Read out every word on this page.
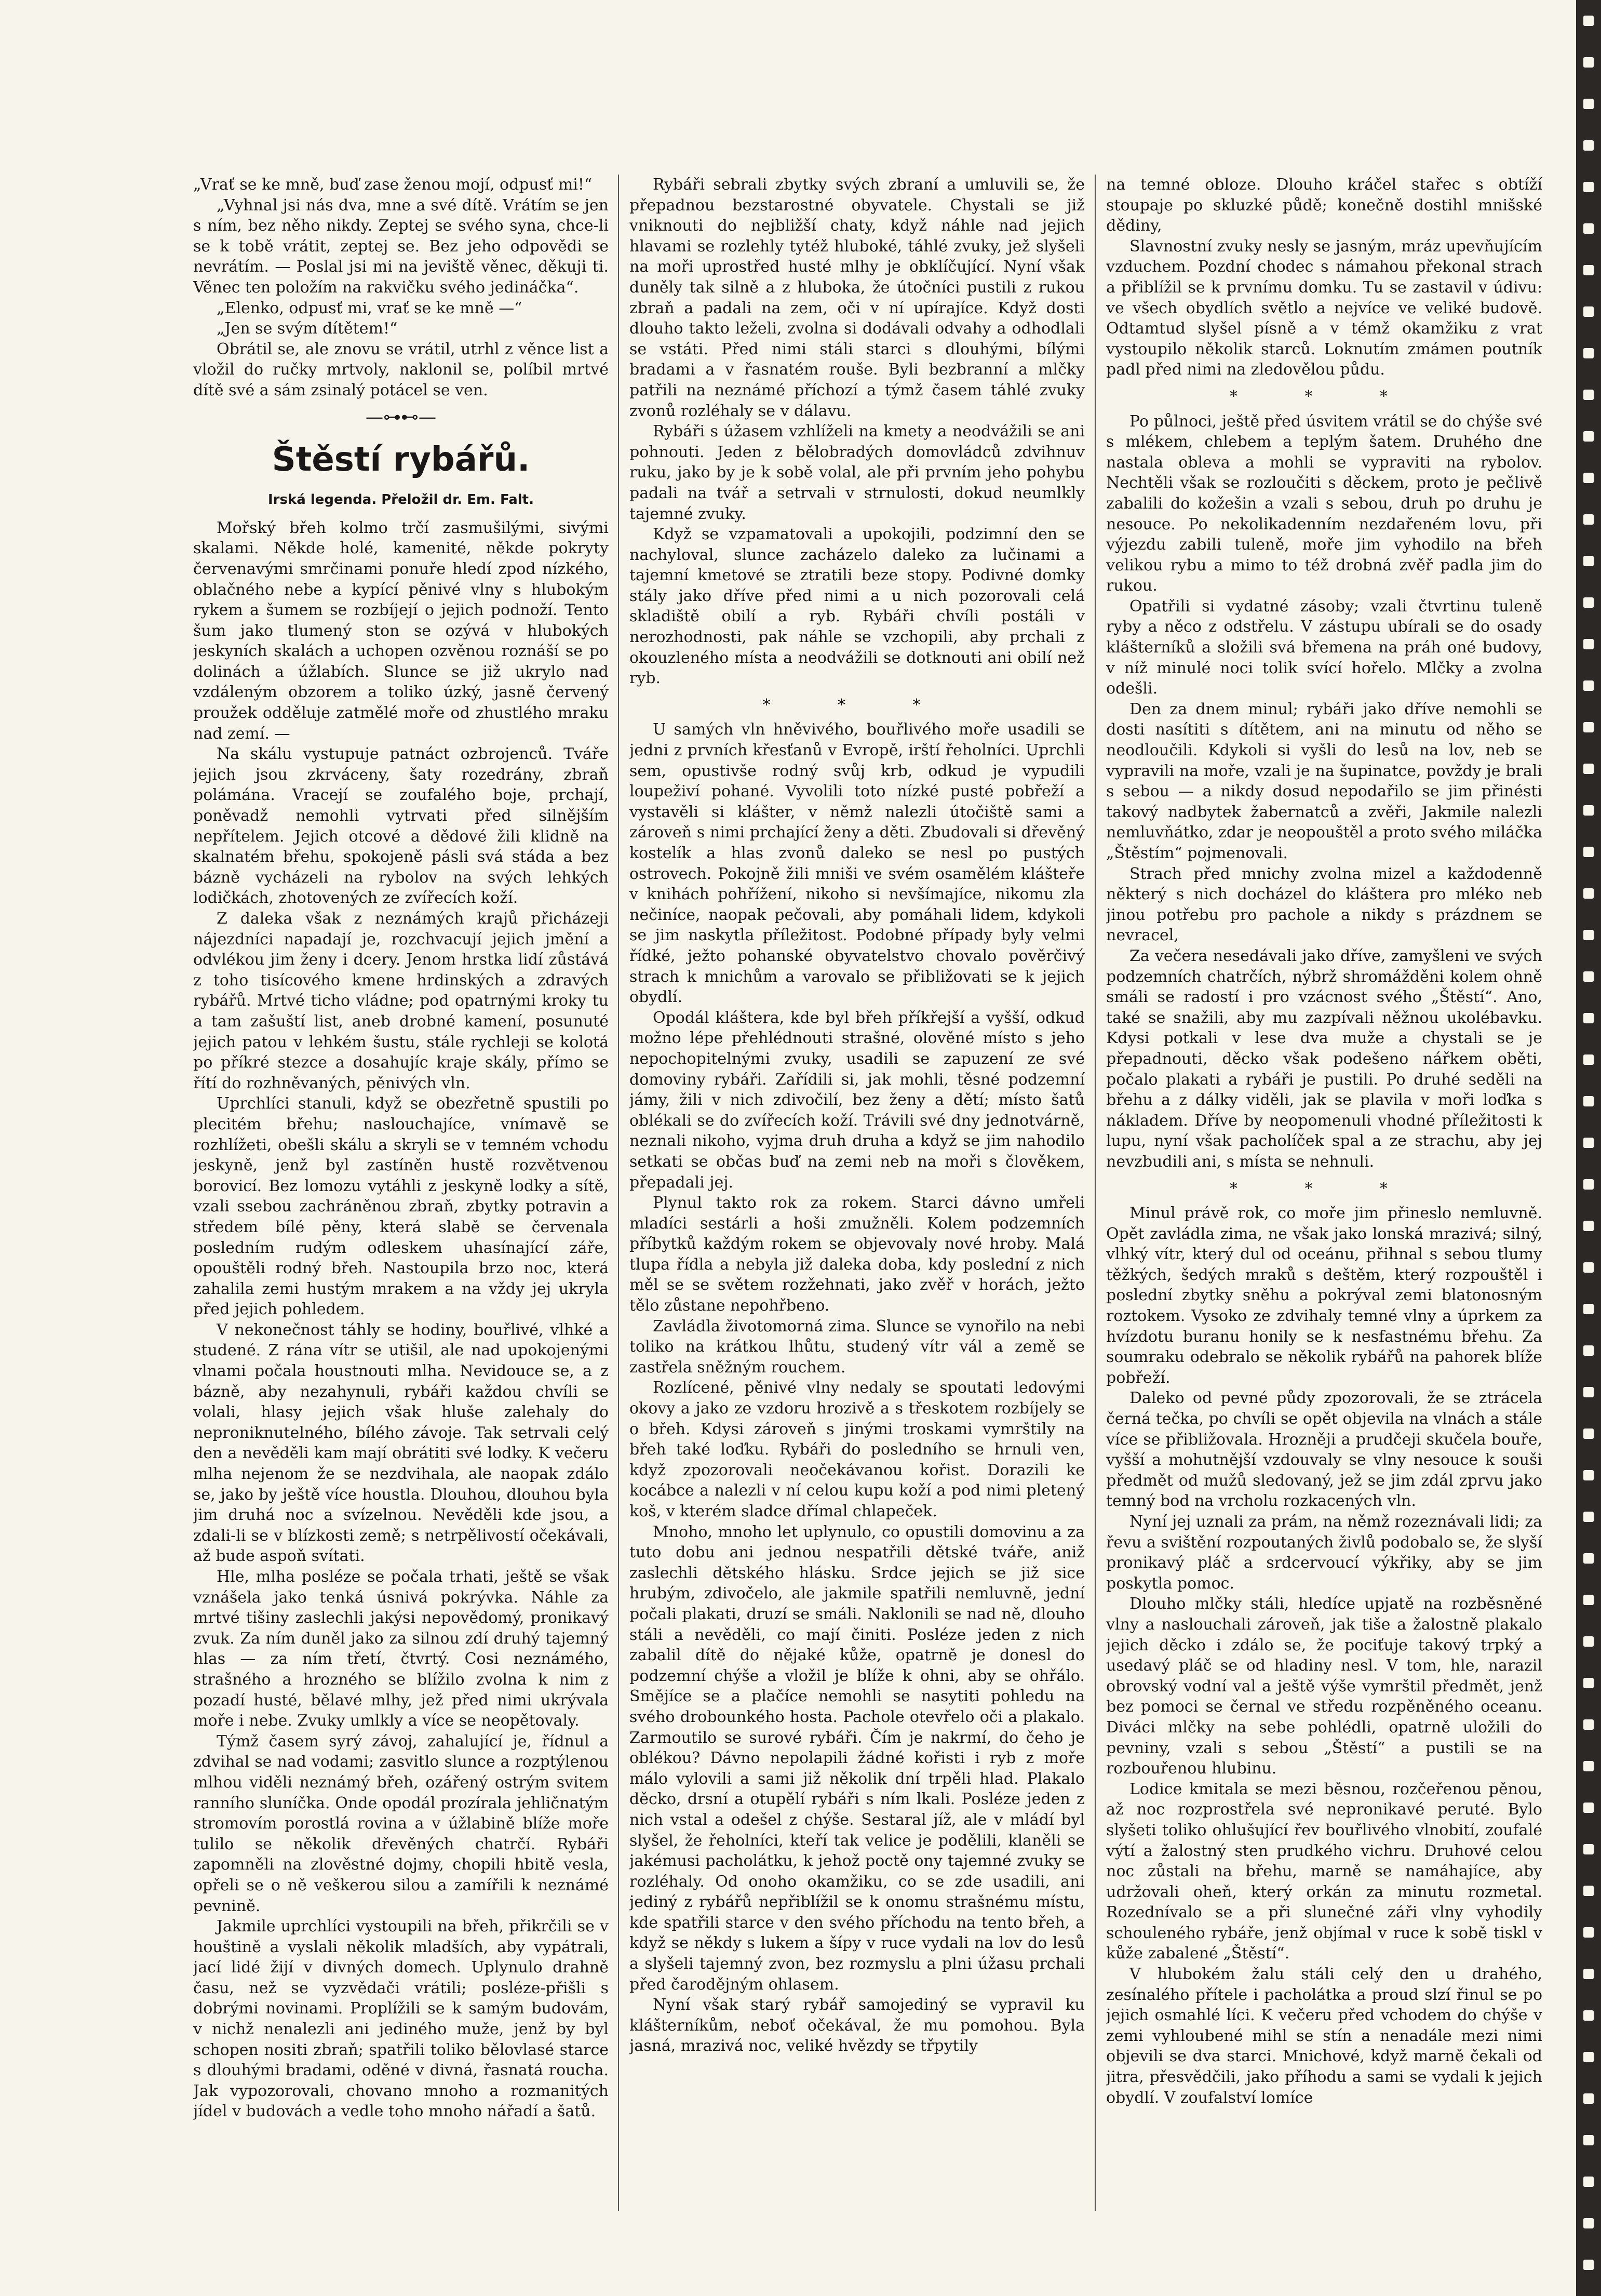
„Vrať se ke mně, buď zase ženou mojí, odpusť mi!“

„Vyhnal jsi nás dva, mne a své dítě. Vrátím se jen s ním, bez něho nikdy. Zeptej se svého syna, chce-li se k tobě vrátit, zeptej se. Bez jeho odpovědi se nevrátím. — Poslal jsi mi na jeviště věnec, děkuji ti. Věnec ten položím na rakvičku svého jedináčka“.

„Elenko, odpusť mi, vrať se ke mně —“

„Jen se svým dítětem!“

Obrátil se, ale znovu se vrátil, utrhl z věnce list a vložil do ručky mrtvoly, naklonil se, políbil mrtvé dítě své a sám zsinalý potácel se ven.

—⊶⊷—
Štěstí rybářů.
Irská legenda. Přeložil dr. Em. Falt.

Mořský břeh kolmo trčí zasmušilými, sivými skalami. Někde holé, kamenité, někde pokryty červenavými smrčinami ponuře hledí zpod nízkého, oblačného nebe a kypící pěnivé vlny s hlubokým rykem a šumem se rozbíjejí o jejich podnoží. Tento šum jako tlumený ston se ozývá v hlubokých jeskyních skalách a uchopen ozvěnou roznáší se po dolinách a úžlabích. Slunce se již ukrylo nad vzdáleným obzorem a toliko úzký, jasně červený proužek odděluje zatmělé moře od zhustlého mraku nad zemí. —

Na skálu vystupuje patnáct ozbrojenců. Tváře jejich jsou zkrváceny, šaty rozedrány, zbraň polámána. Vracejí se zoufalého boje, prchají, poněvadž nemohli vytrvati před silnějším nepřítelem. Jejich otcové a dědové žili klidně na skalnatém břehu, spokojeně pásli svá stáda a bez bázně vycházeli na rybolov na svých lehkých lodičkách, zhotovených ze zvířecích koží.

Z daleka však z neznámých krajů přicházeji nájezdníci napadají je, rozchvacují jejich jmění a odvlékou jim ženy i dcery. Jenom hrstka lidí zůstává z toho tisícového kmene hrdinských a zdravých rybářů. Mrtvé ticho vládne; pod opatrnými kroky tu a tam zašuští list, aneb drobné kamení, posunuté jejich patou v lehkém šustu, stále rychleji se kolotá po příkré stezce a dosahujíc kraje skály, přímo se řítí do rozhněvaných, pěnivých vln.

Uprchlíci stanuli, když se obezřetně spustili po plecitém břehu; naslouchajíce, vnímavě se rozhlížeti, obešli skálu a skryli se v temném vchodu jeskyně, jenž byl zastíněn hustě rozvětvenou borovicí. Bez lomozu vytáhli z jeskyně lodky a sítě, vzali ssebou zachráněnou zbraň, zbytky potravin a středem bílé pěny, která slabě se červenala posledním rudým odleskem uhasínající záře, opouštěli rodný břeh. Nastoupila brzo noc, která zahalila zemi hustým mrakem a na vždy jej ukryla před jejich pohledem.

V nekonečnost táhly se hodiny, bouřlivé, vlhké a studené. Z rána vítr se utišil, ale nad upokojenými vlnami počala houstnouti mlha. Nevidouce se, a z bázně, aby nezahynuli, rybáři každou chvíli se volali, hlasy jejich však hluše zalehaly do neproniknutelného, bílého závoje. Tak setrvali celý den a nevěděli kam mají obrátiti své lodky. K večeru mlha nejenom že se nezdvihala, ale naopak zdálo se, jako by ještě více houstla. Dlouhou, dlouhou byla jim druhá noc a svízelnou. Nevěděli kde jsou, a zdali-li se v blízkosti země; s netrpělivostí očekávali, až bude aspoň svítati.

Hle, mlha posléze se počala trhati, ještě se však vznášela jako tenká úsnivá pokrývka. Náhle za mrtvé tišiny zaslechli jakýsi nepovědomý, pronikavý zvuk. Za ním duněl jako za silnou zdí druhý tajemný hlas — za ním třetí, čtvrtý. Cosi neznámého, strašného a hrozného se blížilo zvolna k nim z pozadí husté, bělavé mlhy, jež před nimi ukrývala moře i nebe. Zvuky umlkly a více se neopětovaly.

Týmž časem syrý závoj, zahalující je, řídnul a zdvihal se nad vodami; zasvitlo slunce a rozptýlenou mlhou viděli neznámý břeh, ozářený ostrým svitem ranního sluníčka. Onde opodál prozírala jehličnatým stromovím porostlá rovina a v úžlabině blíže moře tulilo se několik dřevěných chatrčí. Rybáři zapomněli na zlověstné dojmy, chopili hbitě vesla, opřeli se o ně veškerou silou a zamířili k neznámé pevnině.

Jakmile uprchlíci vystoupili na břeh, přikrčili se v houštině a vyslali několik mladších, aby vypátrali, jací lidé žijí v divných domech. Uplynulo drahně času, než se vyzvědači vrátili; posléze-přišli s dobrými novinami. Proplížili se k samým budovám, v nichž nenalezli ani jediného muže, jenž by byl schopen nositi zbraň; spatřili toliko bělovlasé starce s dlouhými bradami, oděné v divná, řasnatá roucha. Jak vypozorovali, chovano mnoho a rozmanitých jídel v budovách a vedle toho mnoho nářadí a šatů.

Rybáři sebrali zbytky svých zbraní a umluvili se, že přepadnou bezstarostné obyvatele. Chystali se již vniknouti do nejbližší chaty, když náhle nad jejich hlavami se rozlehly tytéž hluboké, táhlé zvuky, jež slyšeli na moři uprostřed husté mlhy je obklíčující. Nyní však duněly tak silně a z hluboka, že útočníci pustili z rukou zbraň a padali na zem, oči v ní upírajíce. Když dosti dlouho takto leželi, zvolna si dodávali odvahy a odhodlali se vstáti. Před nimi stáli starci s dlouhými, bílými bradami a v řasnatém rouše. Byli bezbranní a mlčky patřili na neznámé příchozí a týmž časem táhlé zvuky zvonů rozléhaly se v dálavu.

Rybáři s úžasem vzhlíželi na kmety a neodvážili se ani pohnouti. Jeden z bělobradých domovládců zdvihnuv ruku, jako by je k sobě volal, ale při prvním jeho pohybu padali na tvář a setrvali v strnulosti, dokud neumlkly tajemné zvuky.

Když se vzpamatovali a upokojili, podzimní den se nachyloval, slunce zacházelo daleko za lučinami a tajemní kmetové se ztratili beze stopy. Podivné domky stály jako dříve před nimi a u nich pozorovali celá skladiště obilí a ryb. Rybáři chvíli postáli v nerozhodnosti, pak náhle se vzchopili, aby prchali z okouzleného místa a neodvážili se dotknouti ani obilí než ryb.

* * *

U samých vln hněvivého, bouřlivého moře usadili se jedni z prvních křesťanů v Evropě, irští řeholníci. Uprchli sem, opustivše rodný svůj krb, odkud je vypudili loupeživí pohané. Vyvolili toto nízké pusté pobřeží a vystavěli si klášter, v němž nalezli útočiště sami a zároveň s nimi prchající ženy a děti. Zbudovali si dřevěný kostelík a hlas zvonů daleko se nesl po pustých ostrovech. Pokojně žili mniši ve svém osamělém klášteře v knihách pohřížení, nikoho si nevšímajíce, nikomu zla nečiníce, naopak pečovali, aby pomáhali lidem, kdykoli se jim naskytla příležitost. Podobné případy byly velmi řídké, ježto pohanské obyvatelstvo chovalo pověrčivý strach k mnichům a varovalo se přibližovati se k jejich obydlí.

Opodál kláštera, kde byl břeh příkřejší a vyšší, odkud možno lépe přehlédnouti strašné, olověné místo s jeho nepochopitelnými zvuky, usadili se zapuzení ze své domoviny rybáři. Zařídili si, jak mohli, těsné podzemní jámy, žili v nich zdivočilí, bez ženy a dětí; místo šatů oblékali se do zvířecích koží. Trávili své dny jednotvárně, neznali nikoho, vyjma druh druha a když se jim nahodilo setkati se občas buď na zemi neb na moři s člověkem, přepadali jej.

Plynul takto rok za rokem. Starci dávno umřeli mladíci sestárli a hoši zmužněli. Kolem podzemních příbytků každým rokem se objevovaly nové hroby. Malá tlupa řídla a nebyla již daleka doba, kdy poslední z nich měl se se světem rozžehnati, jako zvěř v horách, ježto tělo zůstane nepohřbeno.

Zavládla životomorná zima. Slunce se vynořilo na nebi toliko na krátkou lhůtu, studený vítr vál a země se zastřela sněžným rouchem.

Rozlícené, pěnivé vlny nedaly se spoutati ledovými okovy a jako ze vzdoru hrozivě a s třeskotem rozbíjely se o břeh. Kdysi zároveň s jinými troskami vymrštily na břeh také loďku. Rybáři do posledního se hrnuli ven, když zpozorovali neočekávanou kořist. Dorazili ke kocábce a nalezli v ní celou kupu koží a pod nimi pletený koš, v kterém sladce dřímal chlapeček.

Mnoho, mnoho let uplynulo, co opustili domovinu a za tuto dobu ani jednou nespatřili dětské tváře, aniž zaslechli dětského hlásku. Srdce jejich se již sice hrubým, zdivočelo, ale jakmile spatřili nemluvně, jední počali plakati, druzí se smáli. Naklonili se nad ně, dlouho stáli a nevěděli, co mají činiti. Posléze jeden z nich zabalil dítě do nějaké kůže, opatrně je donesl do podzemní chýše a vložil je blíže k ohni, aby se ohřálo. Smějíce se a plačíce nemohli se nasytiti pohledu na svého drobounkého hosta. Pachole otevřelo oči a plakalo. Zarmoutilo se surové rybáři. Čím je nakrmí, do čeho je oblékou? Dávno nepolapili žádné kořisti i ryb z moře málo vylovili a sami již několik dní trpěli hlad. Plakalo děcko, drsní a otupělí rybáři s ním lkali. Posléze jeden z nich vstal a odešel z chýše. Sestaral jíž, ale v mládí byl slyšel, že řeholníci, kteří tak velice je podělili, klaněli se jakémusi pacholátku, k jehož poctě ony tajemné zvuky se rozléhaly. Od onoho okamžiku, co se zde usadili, ani jediný z rybářů nepřiblížil se k onomu strašnému místu, kde spatřili starce v den svého příchodu na tento břeh, a když se někdy s lukem a šípy v ruce vydali na lov do lesů a slyšeli tajemný zvon, bez rozmyslu a plni úžasu prchali před čarodějným ohlasem.

Nyní však starý rybář samojediný se vypravil ku klášterníkům, neboť očekával, že mu pomohou. Byla jasná, mrazivá noc, veliké hvězdy se třpytily

na temné obloze. Dlouho kráčel stařec s obtíží stoupaje po skluzké půdě; konečně dostihl mnišské dědiny,

Slavnostní zvuky nesly se jasným, mráz upevňujícím vzduchem. Pozdní chodec s námahou překonal strach a přiblížil se k prvnímu domku. Tu se zastavil v údivu: ve všech obydlích světlo a nejvíce ve veliké budově. Odtamtud slyšel písně a v témž okamžiku z vrat vystoupilo několik starců. Loknutím zmámen poutník padl před nimi na zledovělou půdu.

* * *

Po půlnoci, ještě před úsvitem vrátil se do chýše své s mlékem, chlebem a teplým šatem. Druhého dne nastala obleva a mohli se vypraviti na rybolov. Nechtěli však se rozloučiti s děckem, proto je pečlivě zabalili do kožešin a vzali s sebou, druh po druhu je nesouce. Po nekolikadenním nezdařeném lovu, při výjezdu zabili tuleně, moře jim vyhodilo na břeh velikou rybu a mimo to též drobná zvěř padla jim do rukou.

Opatřili si vydatné zásoby; vzali čtvrtinu tuleně ryby a něco z odstřelu. V zástupu ubírali se do osady klášterníků a složili svá břemena na práh oné budovy, v níž minulé noci tolik svící hořelo. Mlčky a zvolna odešli.

Den za dnem minul; rybáři jako dříve nemohli se dosti nasítiti s dítětem, ani na minutu od něho se neodloučili. Kdykoli si vyšli do lesů na lov, neb se vypravili na moře, vzali je na šupinatce, povždy je brali s sebou — a nikdy dosud nepodařilo se jim přinésti takový nadbytek žabernatců a zvěři, Jakmile nalezli nemluvňátko, zdar je neopouštěl a proto svého miláčka „Štěstím“ pojmenovali.

Strach před mnichy zvolna mizel a každodenně některý s nich docházel do kláštera pro mléko neb jinou potřebu pro pachole a nikdy s prázdnem se nevracel,

Za večera nesedávali jako dříve, zamyšleni ve svých podzemních chatrčích, nýbrž shromážděni kolem ohně smáli se radostí i pro vzácnost svého „Štěstí“. Ano, také se snažili, aby mu zazpívali něžnou ukolébavku. Kdysi potkali v lese dva muže a chystali se je přepadnouti, děcko však podešeno nářkem oběti, počalo plakati a rybáři je pustili. Po druhé seděli na břehu a z dálky viděli, jak se plavila v moři loďka s nákladem. Dříve by neopomenuli vhodné příležitosti k lupu, nyní však pacholíček spal a ze strachu, aby jej nevzbudili ani, s místa se nehnuli.

* * *

Minul právě rok, co moře jim přineslo nemluvně. Opět zavládla zima, ne však jako lonská mrazivá; silný, vlhký vítr, který dul od oceánu, přihnal s sebou tlumy těžkých, šedých mraků s deštěm, který rozpouštěl i poslední zbytky sněhu a pokrýval zemi blatonosným roztokem. Vysoko ze zdvihaly temné vlny a úprkem za hvízdotu buranu honily se k nesfastnému břehu. Za soumraku odebralo se několik rybářů na pahorek blíže pobřeží.

Daleko od pevné půdy zpozorovali, že se ztrácela černá tečka, po chvíli se opět objevila na vlnách a stále více se přibližovala. Hrozněji a prudčeji skučela bouře, vyšší a mohutnější vzdouvaly se vlny nesouce k souši předmět od mužů sledovaný, jež se jim zdál zprvu jako temný bod na vrcholu rozkacených vln.

Nyní jej uznali za prám, na němž rozeznávali lidi; za řevu a svištění rozpoutaných živlů podobalo se, že slyší pronikavý pláč a srdcervoucí výkřiky, aby se jim poskytla pomoc.

Dlouho mlčky stáli, hledíce upjatě na rozběsněné vlny a naslouchali zároveň, jak tiše a žalostně plakalo jejich děcko i zdálo se, že pociťuje takový trpký a usedavý pláč se od hladiny nesl. V tom, hle, narazil obrovský vodní val a ještě výše vymrštil předmět, jenž bez pomoci se černal ve středu rozpěněného oceanu. Diváci mlčky na sebe pohlédli, opatrně uložili do pevniny, vzali s sebou „Štěstí“ a pustili se na rozbouřenou hlubinu.

Lodice kmitala se mezi běsnou, rozčeřenou pěnou, až noc rozprostřela své nepronikavé peruté. Bylo slyšeti toliko ohlušující řev bouřlivého vlnobití, zoufalé výtí a žalostný sten prudkého vichru. Druhové celou noc zůstali na břehu, marně se namáhajíce, aby udržovali oheň, který orkán za minutu rozmetal. Rozednívalo se a při slunečné záři vlny vyhodily schouleného rybáře, jenž objímal v ruce k sobě tiskl v kůže zabalené „Štěstí“.

V hlubokém žalu stáli celý den u drahého, zesínalého přítele i pacholátka a proud slzí řinul se po jejich osmahlé líci. K večeru před vchodem do chýše v zemi vyhloubené mihl se stín a nenadále mezi nimi objevili se dva starci. Mnichové, když marně čekali od jitra, přesvědčili, jako příhodu a sami se vydali k jejich obydlí. V zoufalství lomíce
